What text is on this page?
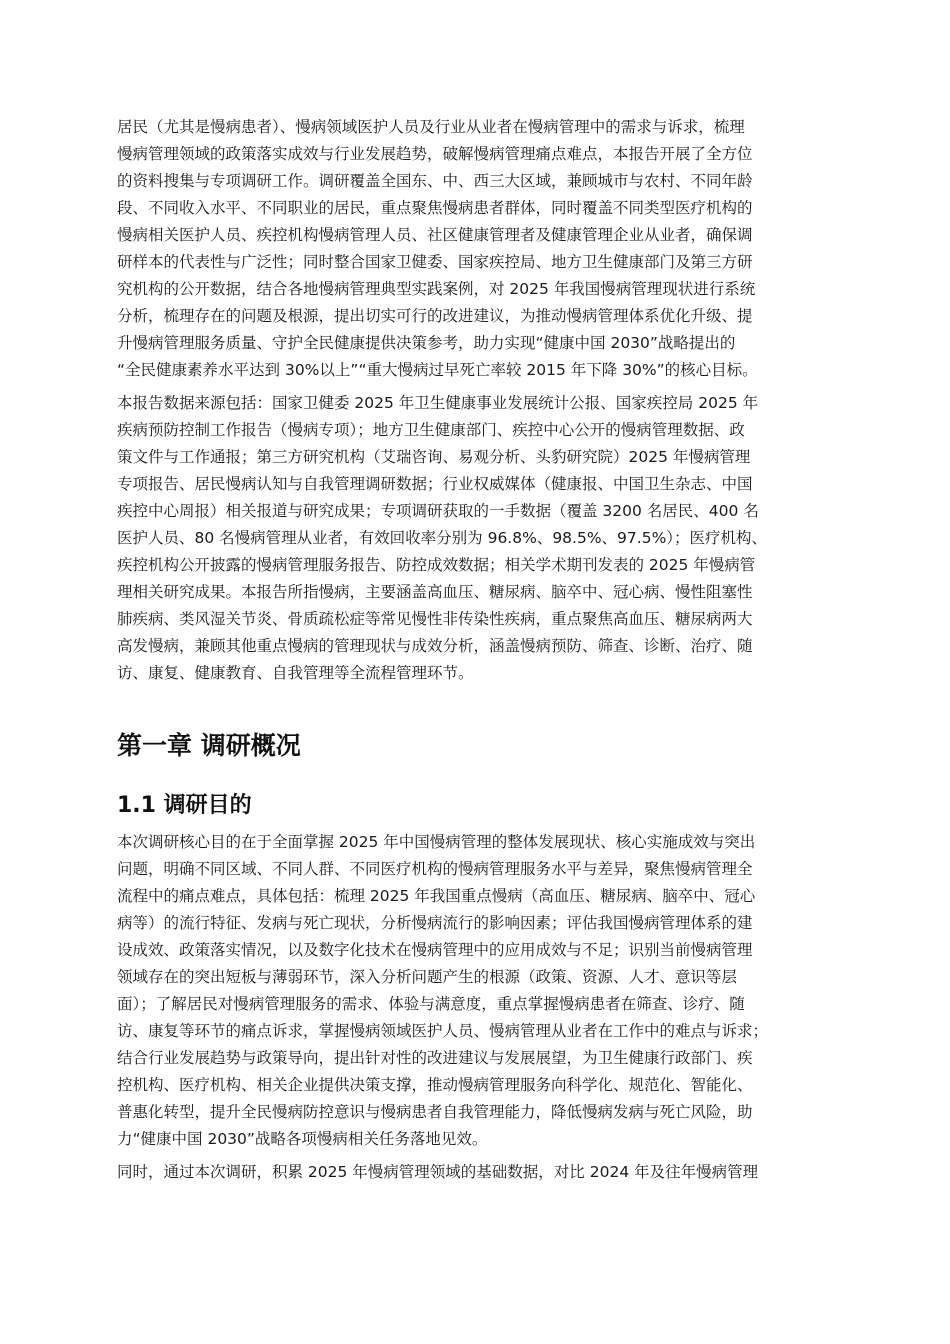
居民（尤其是慢病患者）、慢病领域医护人员及行业从业者在慢病管理中的需求与诉求，梳理
慢病管理领域的政策落实成效与行业发展趋势，破解慢病管理痛点难点，本报告开展了全方位
的资料搜集与专项调研工作。调研覆盖全国东、中、西三大区域，兼顾城市与农村、不同年龄
段、不同收入水平、不同职业的居民，重点聚焦慢病患者群体，同时覆盖不同类型医疗机构的
慢病相关医护人员、疾控机构慢病管理人员、社区健康管理者及健康管理企业从业者，确保调
研样本的代表性与广泛性；同时整合国家卫健委、国家疾控局、地方卫生健康部门及第三方研
究机构的公开数据，结合各地慢病管理典型实践案例，对 2025 年我国慢病管理现状进行系统
分析，梳理存在的问题及根源，提出切实可行的改进建议，为推动慢病管理体系优化升级、提
升慢病管理服务质量、守护全民健康提供决策参考，助力实现“健康中国 2030”战略提出的
“全民健康素养水平达到 30%以上”“重大慢病过早死亡率较 2015 年下降 30%”的核心目标。
本报告数据来源包括：国家卫健委 2025 年卫生健康事业发展统计公报、国家疾控局 2025 年
疾病预防控制工作报告（慢病专项）；地方卫生健康部门、疾控中心公开的慢病管理数据、政
策文件与工作通报；第三方研究机构（艾瑞咨询、易观分析、头豹研究院）2025 年慢病管理
专项报告、居民慢病认知与自我管理调研数据；行业权威媒体（健康报、中国卫生杂志、中国
疾控中心周报）相关报道与研究成果；专项调研获取的一手数据（覆盖 3200 名居民、400 名
医护人员、80 名慢病管理从业者，有效回收率分别为 96.8%、98.5%、97.5%）；医疗机构、
疾控机构公开披露的慢病管理服务报告、防控成效数据；相关学术期刊发表的 2025 年慢病管
理相关研究成果。本报告所指慢病，主要涵盖高血压、糖尿病、脑卒中、冠心病、慢性阻塞性
肺疾病、类风湿关节炎、骨质疏松症等常见慢性非传染性疾病，重点聚焦高血压、糖尿病两大
高发慢病，兼顾其他重点慢病的管理现状与成效分析，涵盖慢病预防、筛查、诊断、治疗、随
访、康复、健康教育、自我管理等全流程管理环节。
第一章 调研概况
1.1 调研目的
本次调研核心目的在于全面掌握 2025 年中国慢病管理的整体发展现状、核心实施成效与突出
问题，明确不同区域、不同人群、不同医疗机构的慢病管理服务水平与差异，聚焦慢病管理全
流程中的痛点难点，具体包括：梳理 2025 年我国重点慢病（高血压、糖尿病、脑卒中、冠心
病等）的流行特征、发病与死亡现状，分析慢病流行的影响因素；评估我国慢病管理体系的建
设成效、政策落实情况，以及数字化技术在慢病管理中的应用成效与不足；识别当前慢病管理
领域存在的突出短板与薄弱环节，深入分析问题产生的根源（政策、资源、人才、意识等层
面）；了解居民对慢病管理服务的需求、体验与满意度，重点掌握慢病患者在筛查、诊疗、随
访、康复等环节的痛点诉求，掌握慢病领域医护人员、慢病管理从业者在工作中的难点与诉求；
结合行业发展趋势与政策导向，提出针对性的改进建议与发展展望，为卫生健康行政部门、疾
控机构、医疗机构、相关企业提供决策支撑，推动慢病管理服务向科学化、规范化、智能化、
普惠化转型，提升全民慢病防控意识与慢病患者自我管理能力，降低慢病发病与死亡风险，助
力“健康中国 2030”战略各项慢病相关任务落地见效。
同时，通过本次调研，积累 2025 年慢病管理领域的基础数据，对比 2024 年及往年慢病管理
